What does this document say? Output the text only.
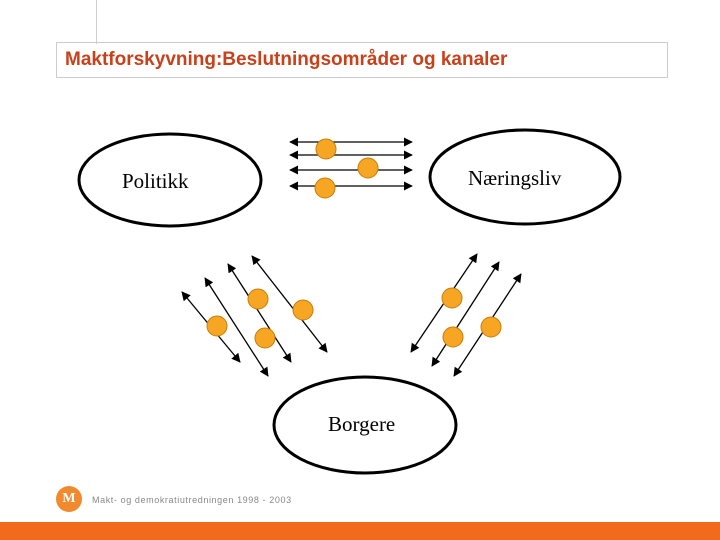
Maktforskyvning:Beslutningsområder og kanaler
Politikk	Næringsliv
Borgere
M	Makt- og demokratiutredningen 1998 - 2003
